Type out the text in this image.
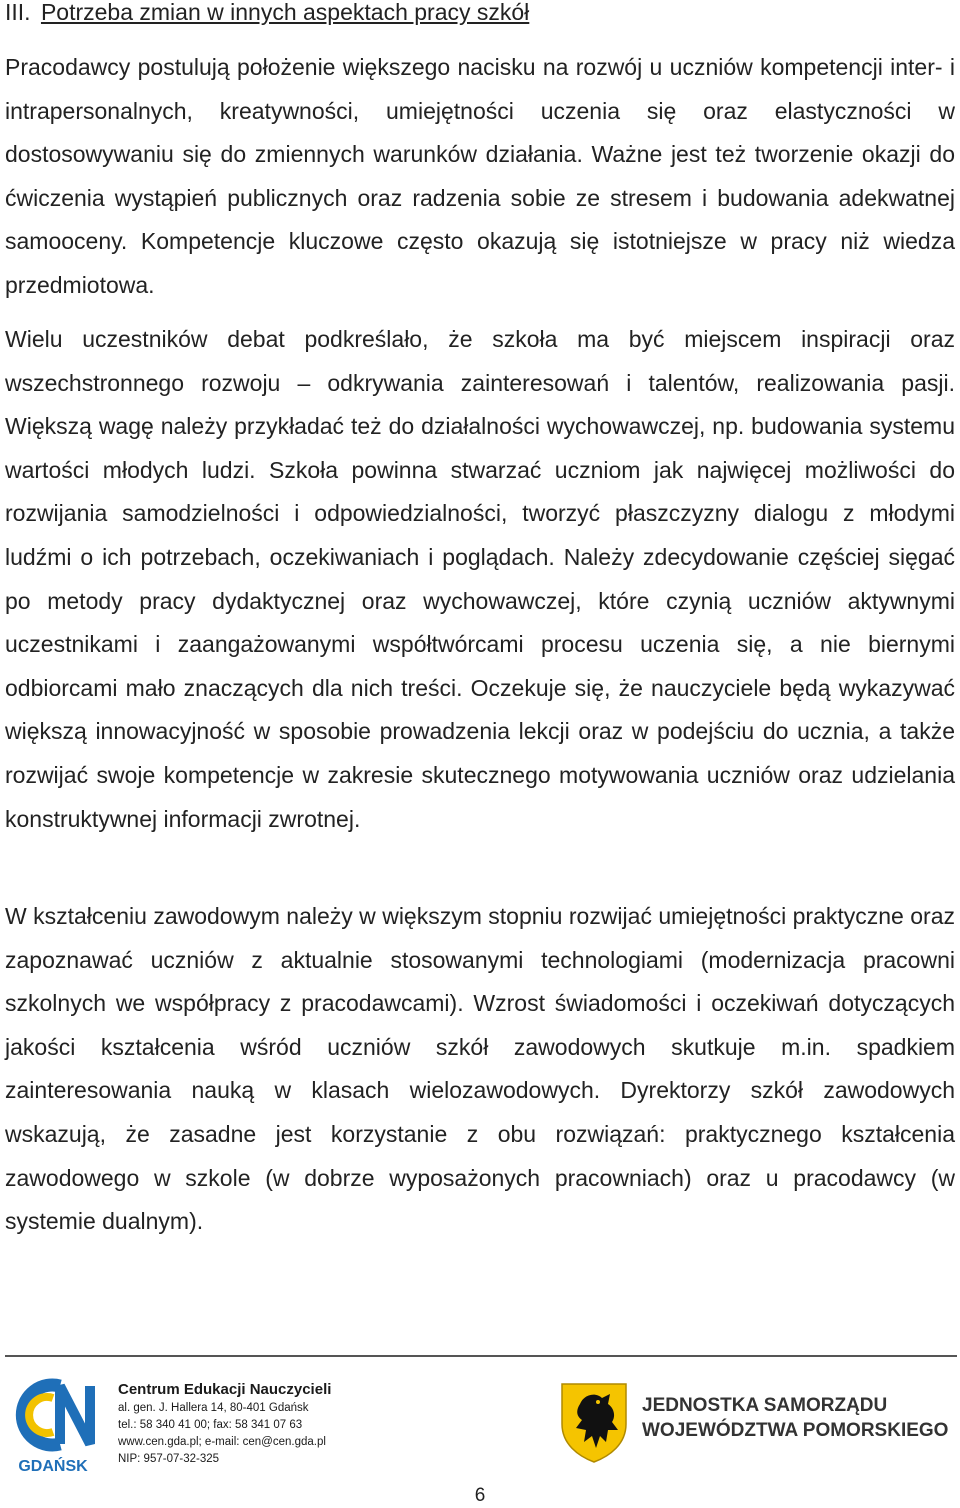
III. Potrzeba zmian w innych aspektach pracy szkół

Pracodawcy postulują położenie większego nacisku na rozwój u uczniów kompetencji inter- i intrapersonalnych, kreatywności, umiejętności uczenia się oraz elastyczności w dostosowywaniu się do zmiennych warunków działania. Ważne jest też tworzenie okazji do ćwiczenia wystąpień publicznych oraz radzenia sobie ze stresem i budowania adekwatnej samooceny. Kompetencje kluczowe często okazują się istotniejsze w pracy niż wiedza przedmiotowa.

Wielu uczestników debat podkreślało, że szkoła ma być miejscem inspiracji oraz wszechstronnego rozwoju – odkrywania zainteresowań i talentów, realizowania pasji. Większą wagę należy przykładać też do działalności wychowawczej, np. budowania systemu wartości młodych ludzi. Szkoła powinna stwarzać uczniom jak najwięcej możliwości do rozwijania samodzielności i odpowiedzialności, tworzyć płaszczyzny dialogu z młodymi ludźmi o ich potrzebach, oczekiwaniach i poglądach. Należy zdecydowanie częściej sięgać po metody pracy dydaktycznej oraz wychowawczej, które czynią uczniów aktywnymi uczestnikami i zaangażowanymi współtwórcami procesu uczenia się, a nie biernymi odbiorcami mało znaczących dla nich treści. Oczekuje się, że nauczyciele będą wykazywać większą innowacyjność w sposobie prowadzenia lekcji oraz w podejściu do ucznia, a także rozwijać swoje kompetencje w zakresie skutecznego motywowania uczniów oraz udzielania konstruktywnej informacji zwrotnej.

W kształceniu zawodowym należy w większym stopniu rozwijać umiejętności praktyczne oraz zapoznawać uczniów z aktualnie stosowanymi technologiami (modernizacja pracowni szkolnych we współpracy z pracodawcami). Wzrost świadomości i oczekiwań dotyczących jakości kształcenia wśród uczniów szkół zawodowych skutkuje m.in. spadkiem zainteresowania nauką w klasach wielozawodowych. Dyrektorzy szkół zawodowych wskazują, że zasadne jest korzystanie z obu rozwiązań: praktycznego kształcenia zawodowego w szkole (w dobrze wyposażonych pracowniach) oraz u pracodawcy (w systemie dualnym).

GDAŃSK
Centrum Edukacji Nauczycieli
al. gen. J. Hallera 14, 80-401 Gdańsk
tel.: 58 340 41 00; fax: 58 341 07 63
www.cen.gda.pl; e-mail: cen@cen.gda.pl
NIP: 957-07-32-325
JEDNOSTKA SAMORZĄDU
WOJEWÓDZTWA POMORSKIEGO
6
